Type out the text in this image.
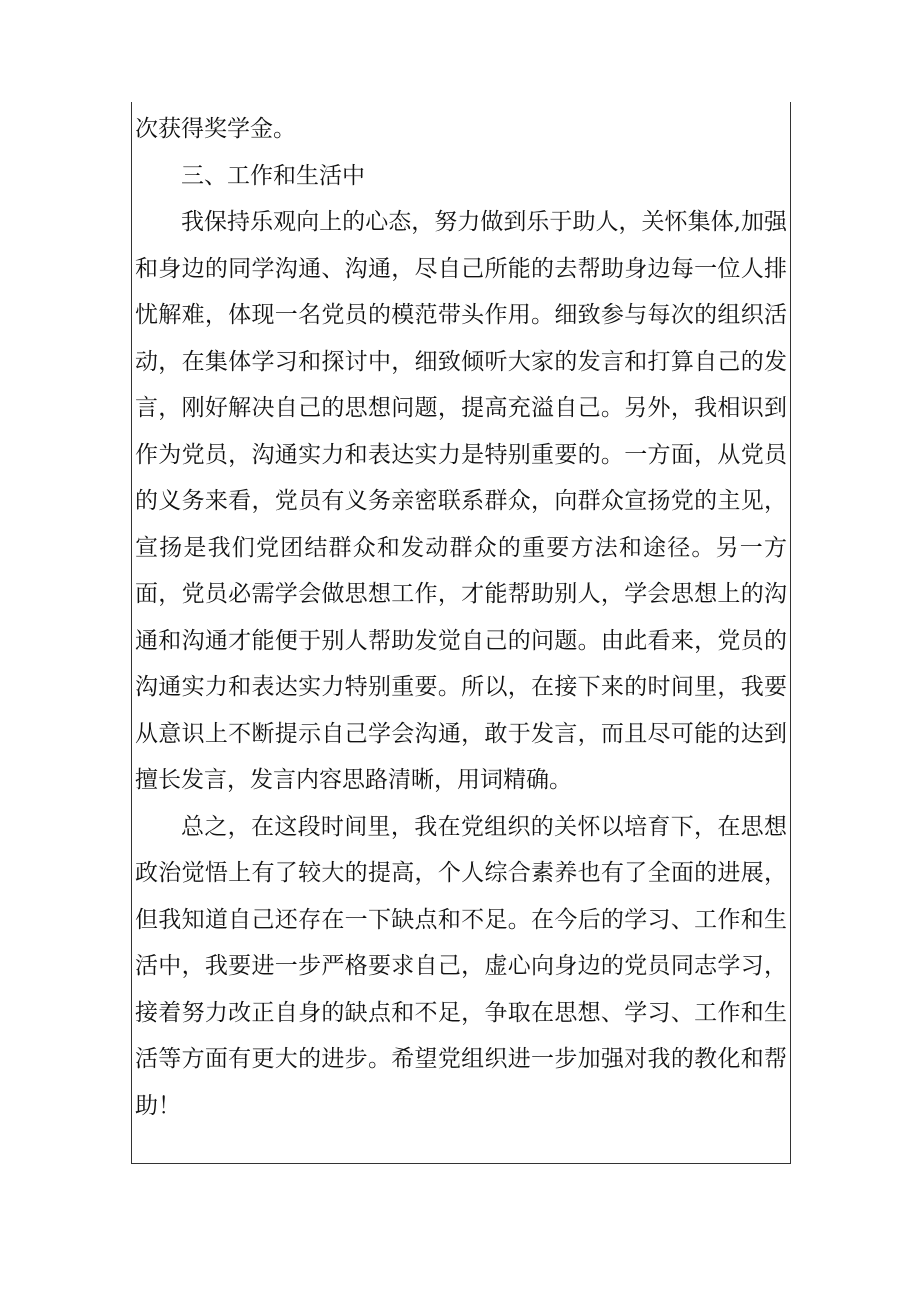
次获得奖学金。

三、工作和生活中

我保持乐观向上的心态，努力做到乐于助人，关怀集体,加强和身边的同学沟通、沟通，尽自己所能的去帮助身边每一位人排忧解难，体现一名党员的模范带头作用。细致参与每次的组织活动，在集体学习和探讨中，细致倾听大家的发言和打算自己的发言，刚好解决自己的思想问题，提高充溢自己。另外，我相识到作为党员，沟通实力和表达实力是特别重要的。一方面，从党员的义务来看，党员有义务亲密联系群众，向群众宣扬党的主见，宣扬是我们党团结群众和发动群众的重要方法和途径。另一方面，党员必需学会做思想工作，才能帮助别人，学会思想上的沟通和沟通才能便于别人帮助发觉自己的问题。由此看来，党员的沟通实力和表达实力特别重要。所以，在接下来的时间里，我要从意识上不断提示自己学会沟通，敢于发言，而且尽可能的达到擅长发言，发言内容思路清晰，用词精确。

总之，在这段时间里，我在党组织的关怀以培育下，在思想政治觉悟上有了较大的提高，个人综合素养也有了全面的进展，但我知道自己还存在一下缺点和不足。在今后的学习、工作和生活中，我要进一步严格要求自己，虚心向身边的党员同志学习，接着努力改正自身的缺点和不足，争取在思想、学习、工作和生活等方面有更大的进步。希望党组织进一步加强对我的教化和帮助！
